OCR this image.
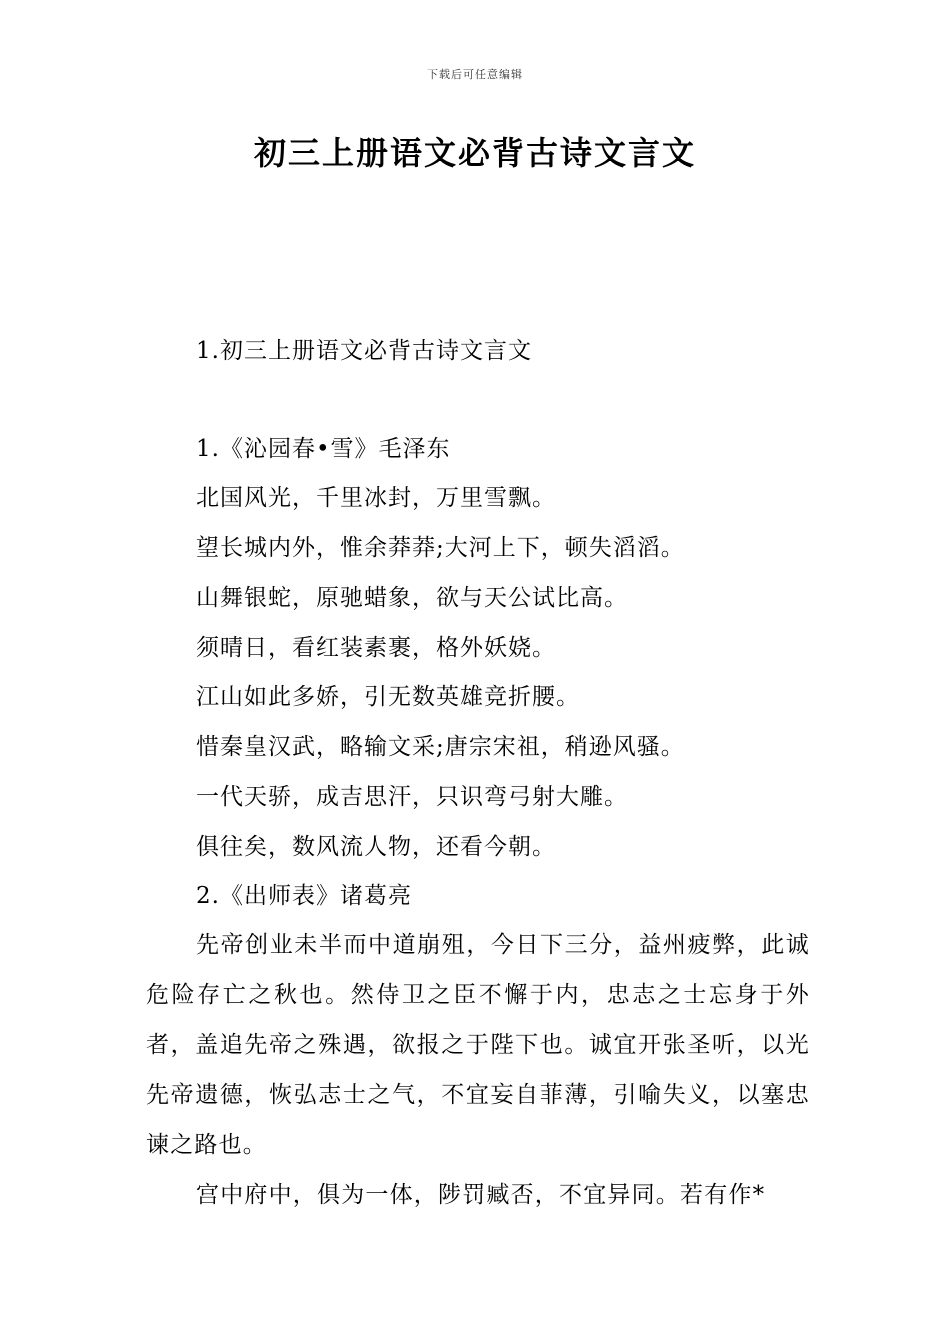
下载后可任意编辑
初三上册语文必背古诗文言文
1.初三上册语文必背古诗文言文
1.《沁园春•雪》毛泽东
北国风光，千里冰封，万里雪飘。
望长城内外，惟余莽莽;大河上下，顿失滔滔。
山舞银蛇，原驰蜡象，欲与天公试比高。
须晴日，看红装素裹，格外妖娆。
江山如此多娇，引无数英雄竞折腰。
惜秦皇汉武，略输文采;唐宗宋祖，稍逊风骚。
一代天骄，成吉思汗，只识弯弓射大雕。
俱往矣，数风流人物，还看今朝。
2.《出师表》诸葛亮

先帝创业未半而中道崩殂，今日下三分，益州疲弊，此诚危险存亡之秋也。然侍卫之臣不懈于内，忠志之士忘身于外者，盖追先帝之殊遇，欲报之于陛下也。诚宜开张圣听，以光先帝遗德，恢弘志士之气，不宜妄自菲薄，引喻失义，以塞忠谏之路也。

宫中府中，俱为一体，陟罚臧否，不宜异同。若有作*
